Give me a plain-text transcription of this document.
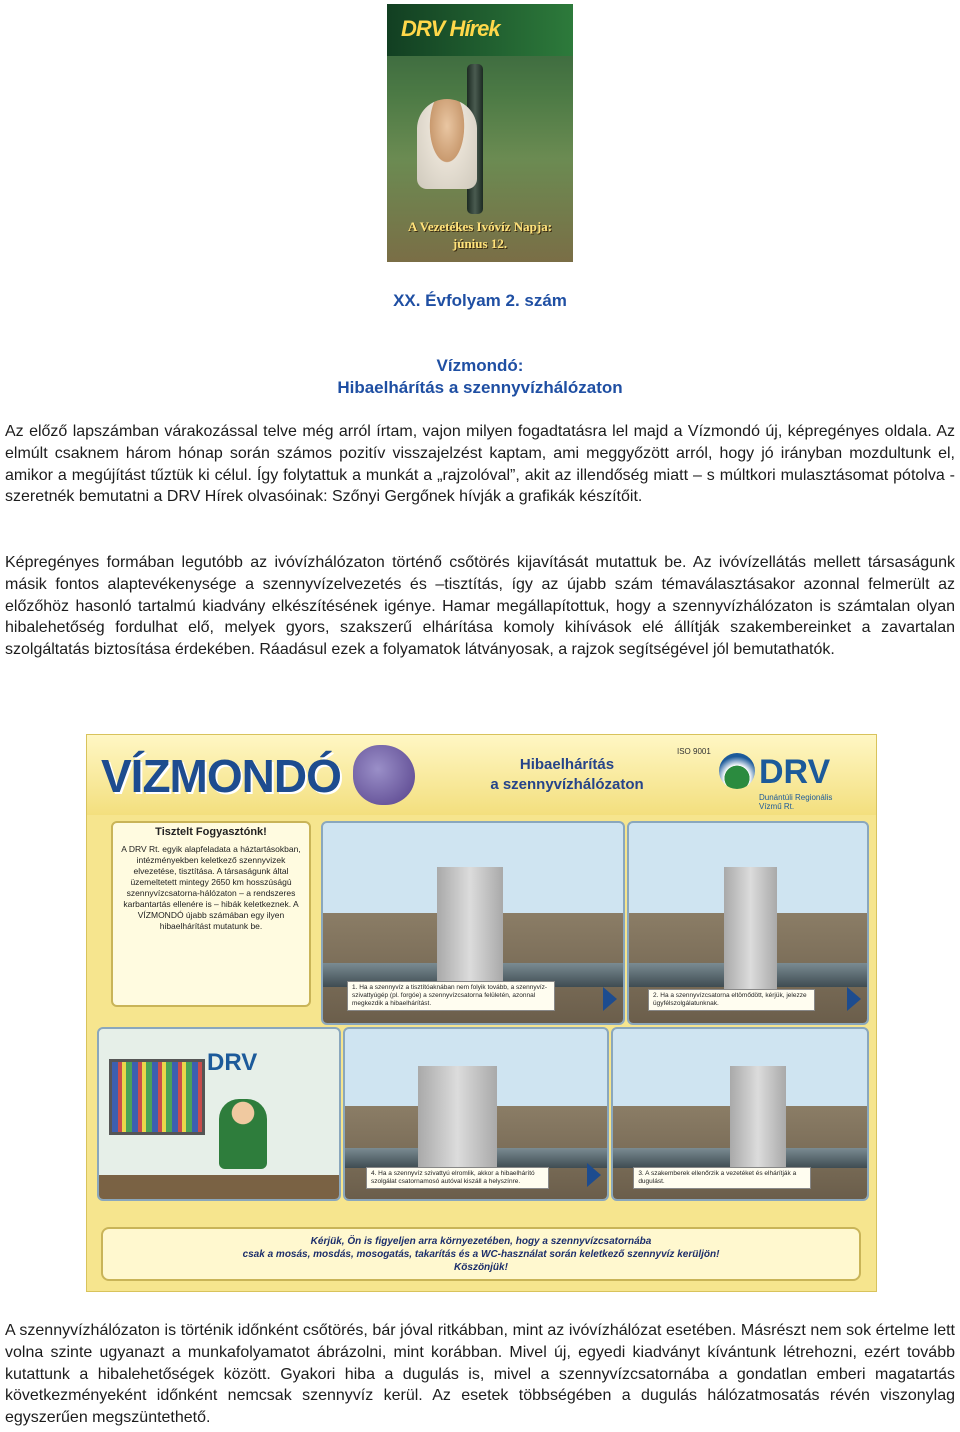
DRV Hírek
A Vezetékes Ivóvíz Napja:
június 12.
XX. Évfolyam 2. szám
Vízmondó:
Hibaelhárítás a szennyvízhálózaton
Az előző lapszámban várakozással telve még arról írtam, vajon milyen fogadtatásra lel majd a Vízmondó új, képregényes oldala. Az elmúlt csaknem három hónap során számos pozitív visszajelzést kaptam, ami meggyőzött arról, hogy jó irányban mozdultunk el, amikor a megújítást tűztük ki célul. Így folytattuk a munkát a „rajzolóval”, akit az illendőség miatt – s múltkori mulasztásomat pótolva - szeretnék bemutatni a DRV Hírek olvasóinak: Szőnyi Gergőnek hívják a grafikák készítőit.
Képregényes formában legutóbb az ivóvízhálózaton történő csőtörés kijavítását mutattuk be. Az ivóvízellátás mellett társaságunk másik fontos alaptevékenysége a szennyvízelvezetés és –tisztítás, így az újabb szám témaválasztásakor azonnal felmerült az előzőhöz hasonló tartalmú kiadvány elkészítésének igénye. Hamar megállapítottuk, hogy a szennyvízhálózaton is számtalan olyan hibalehetőség fordulhat elő, melyek gyors, szakszerű elhárítása komoly kihívások elé állítják szakembereinket a zavartalan szolgáltatás biztosítása érdekében. Ráadásul ezek a folyamatok látványosak, a rajzok segítségével jól bemutathatók.
VÍZMONDÓ	Hibaelhárítás
a szennyvízhálózaton
ISO 9001
DRV
Dunántúli Regionális Vízmű Rt.
Tisztelt Fogyasztónk!
A DRV Rt. egyik alapfeladata a háztartásokban, intézményekben keletkező szennyvizek elvezetése, tisztítása. A társaságunk által üzemeltetett mintegy 2650 km hosszúságú szennyvízcsatorna-hálózaton – a rendszeres karbantartás ellenére is – hibák keletkeznek. A VÍZMONDÓ újabb számában egy ilyen hibaelhárítást mutatunk be.
1. Ha a szennyvíz a tisztítóaknában nem folyik tovább, a szennyvíz-szivattyúgép (pl. forgóe) a szennyvízcsatorna felületén, azonnal megkezdik a hibaelhárítást.
2. Ha a szennyvízcsatorna eltömődött, kérjük, jelezze ügyfélszolgálatunknak.
DRV
4. Ha a szennyvíz szivattyú elromlik, akkor a hibaelhárító szolgálat csatornamosó autóval kiszáll a helyszínre.
3. A szakemberek ellenőrzik a vezetéket és elhárítják a dugulást.
Kérjük, Ön is figyeljen arra környezetében, hogy a szennyvízcsatornába
csak a mosás, mosdás, mosogatás, takarítás és a WC-használat során keletkező szennyvíz kerüljön!
Köszönjük!
A szennyvízhálózaton is történik időnként csőtörés, bár jóval ritkábban, mint az ivóvízhálózat esetében. Másrészt nem sok értelme lett volna szinte ugyanazt a munkafolyamatot ábrázolni, mint korábban. Mivel új, egyedi kiadványt kívántunk létrehozni, ezért tovább kutattunk a hibalehetőségek között. Gyakori hiba a dugulás is, mivel a szennyvízcsatornába a gondatlan emberi magatartás következményeként időnként nemcsak szennyvíz kerül. Az esetek többségében a dugulás hálózatmosatás révén viszonylag egyszerűen megszüntethető.
